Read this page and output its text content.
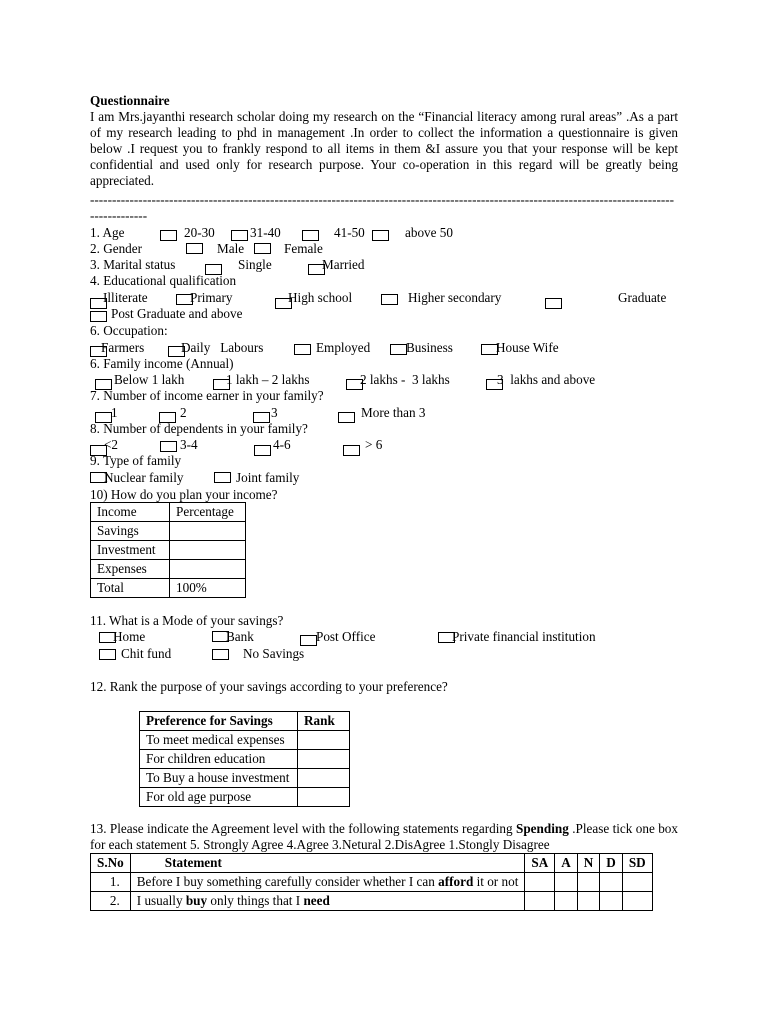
Questionnaire

I am Mrs.jayanthi research scholar doing my research on the “Financial literacy among rural areas” .As a part of my research leading to phd in management .In order to collect the information a questionnaire is given below .I request you to frankly respond to all items in them &I assure you that your response will be kept confidential and used only for research purpose. Your co-operation in this regard will be greatly being appreciated.

-------------------------------------------------------------------------------------------------------------------------------------
-------------
1. Age	20-30	31-40	41-50	above 50
2. Gender	Male	Female
3. Marital status	Single	Married
4. Educational qualification
Illiterate	Primary	High school	Higher secondary	Graduate
Post Graduate and above
6. Occupation:
Farmers	Daily   Labours	Employed	Business	House Wife
6. Family income (Annual)
Below 1 lakh	1 lakh – 2 lakhs	2 lakhs -  3 lakhs	3  lakhs and above
7. Number of income earner in your family?
1	2	3	More than 3
8. Number of dependents in your family?
<2	3-4	4-6	> 6
9. Type of family
Nuclear family	Joint family
10) How do you plan your income?
Income	Percentage
Savings	
Investment	
Expenses	
Total	100%
11. What is a Mode of your savings?
Home	Bank	Post Office	Private financial institution
Chit fund	No Savings
12. Rank the purpose of your savings according to your preference?
Preference for Savings	Rank
To meet medical expenses	
For children education	
To Buy a house investment	
For old age purpose	
13. Please indicate the Agreement level with the following statements regarding Spending .Please tick one box for each statement 5. Strongly Agree 4.Agree 3.Netural 2.DisAgree 1.Stongly Disagree
S.No	Statement	SA	A	N	D	SD
1.	Before I buy something carefully consider whether I can afford it or not					
2.	I usually buy only things that I need					
